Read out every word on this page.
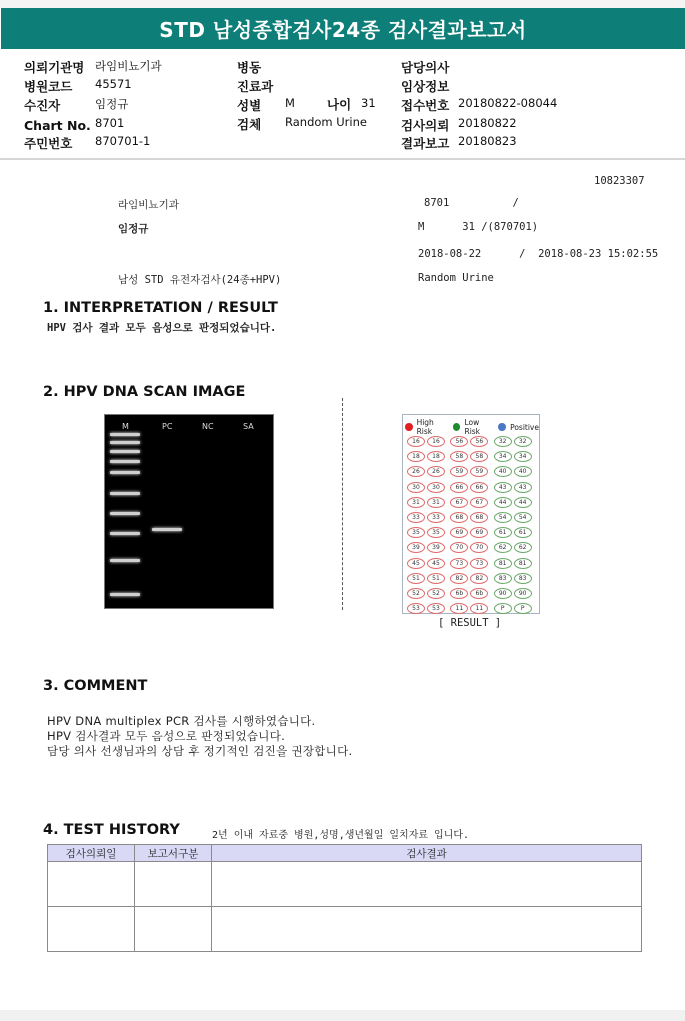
STD 남성종합검사24종 검사결과보고서
의뢰기관명 라임비뇨기과
병원코드 45571
수진자	임정규
Chart No. 8701
주민번호 870701-1
병동
진료과
성별 M	나이 31
검체 Random Urine
담당의사
임상정보
접수번호 20180822-08044
검사의뢰 20180822
결과보고 20180823
10823307
라임비뇨기과	8701          /
임정규	M      31 /(870701)
2018-08-22      /  2018-08-23 15:02:55
남성 STD 유전자검사(24종+HPV)	Random Urine
1. INTERPRETATION / RESULT
HPV 검사 결과 모두 음성으로 판정되었습니다.
2. HPV DNA SCAN IMAGE
M	PC	NC	SA	High Risk
Low Risk	Positive
16	16	56	56	32	32
18	18	58	58	34	34
26	26	59	59	40	40
30	30	66	66	43	43
31	31	67	67	44	44
33	33	68	68	54	54
35	35	69	69	61	61
39	39	70	70	62	62
45	45	73	73	81	81
51	51	82	82	83	83
52	52	6b	6b	90	90
53	53	11	11	P	P
[ RESULT ]
3. COMMENT
HPV DNA multiplex PCR 검사를 시행하였습니다.
HPV 검사결과 모두 음성으로 판정되었습니다.
담당 의사 선생님과의 상담 후 정기적인 검진을 권장합니다.
4. TEST HISTORY	2년 이내 자료중 병원,성명,생년월일 일치자료 입니다.
검사의뢰일	보고서구분	검사결과
